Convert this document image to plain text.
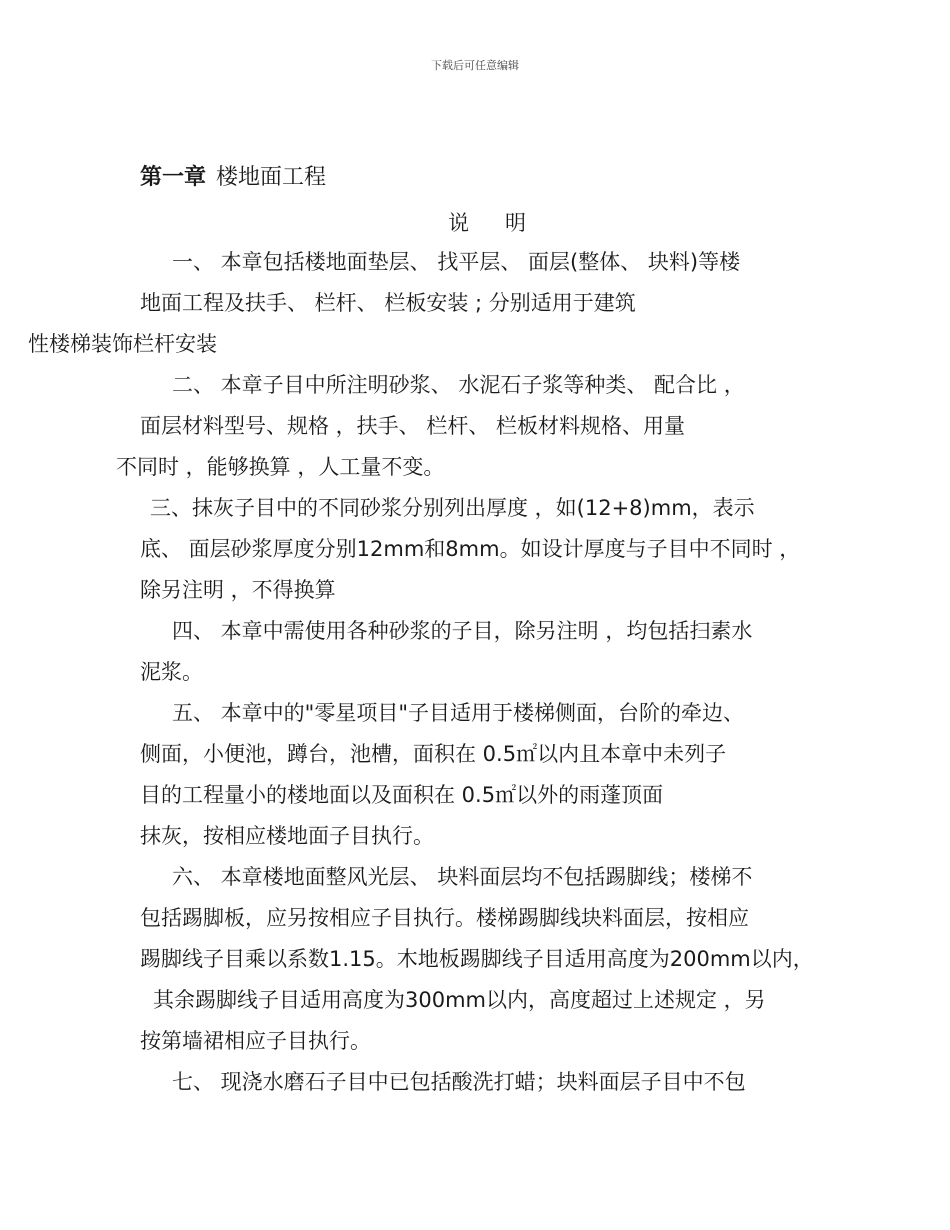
下载后可任意编辑
第一章 楼地面工程
说明
一、 本章包括楼地面垫层、 找平层、 面层(整体、 块料)等楼
地面工程及扶手、 栏杆、 栏板安装 ; 分别适用于建筑
性楼梯装饰栏杆安装
二、 本章子目中所注明砂浆、 水泥石子浆等种类、 配合比 ，
面层材料型号、规格 ，扶手、 栏杆、 栏板材料规格、用量
不同时 ，能够换算 ，人工量不变。
三、抹灰子目中的不同砂浆分别列出厚度 ，如(12+8)mm，表示
底、 面层砂浆厚度分别12mm和8mm。如设计厚度与子目中不同时 ，
除另注明 ，不得换算
四、 本章中需使用各种砂浆的子目，除另注明 ，均包括扫素水
泥浆。
五、 本章中的"零星项目"子目适用于楼梯侧面，台阶的牵边、
侧面，小便池，蹲台，池槽，面积在 0.5㎡以内且本章中未列子
目的工程量小的楼地面以及面积在 0.5㎡以外的雨蓬顶面
抹灰，按相应楼地面子目执行。
六、 本章楼地面整风光层、 块料面层均不包括踢脚线；楼梯不
包括踢脚板，应另按相应子目执行。楼梯踢脚线块料面层，按相应
踢脚线子目乘以系数1.15。木地板踢脚线子目适用高度为200mm以内，
其余踢脚线子目适用高度为300mm以内，高度超过上述规定 ，另
按第墙裙相应子目执行。
七、 现浇水磨石子目中已包括酸洗打蜡；块料面层子目中不包
